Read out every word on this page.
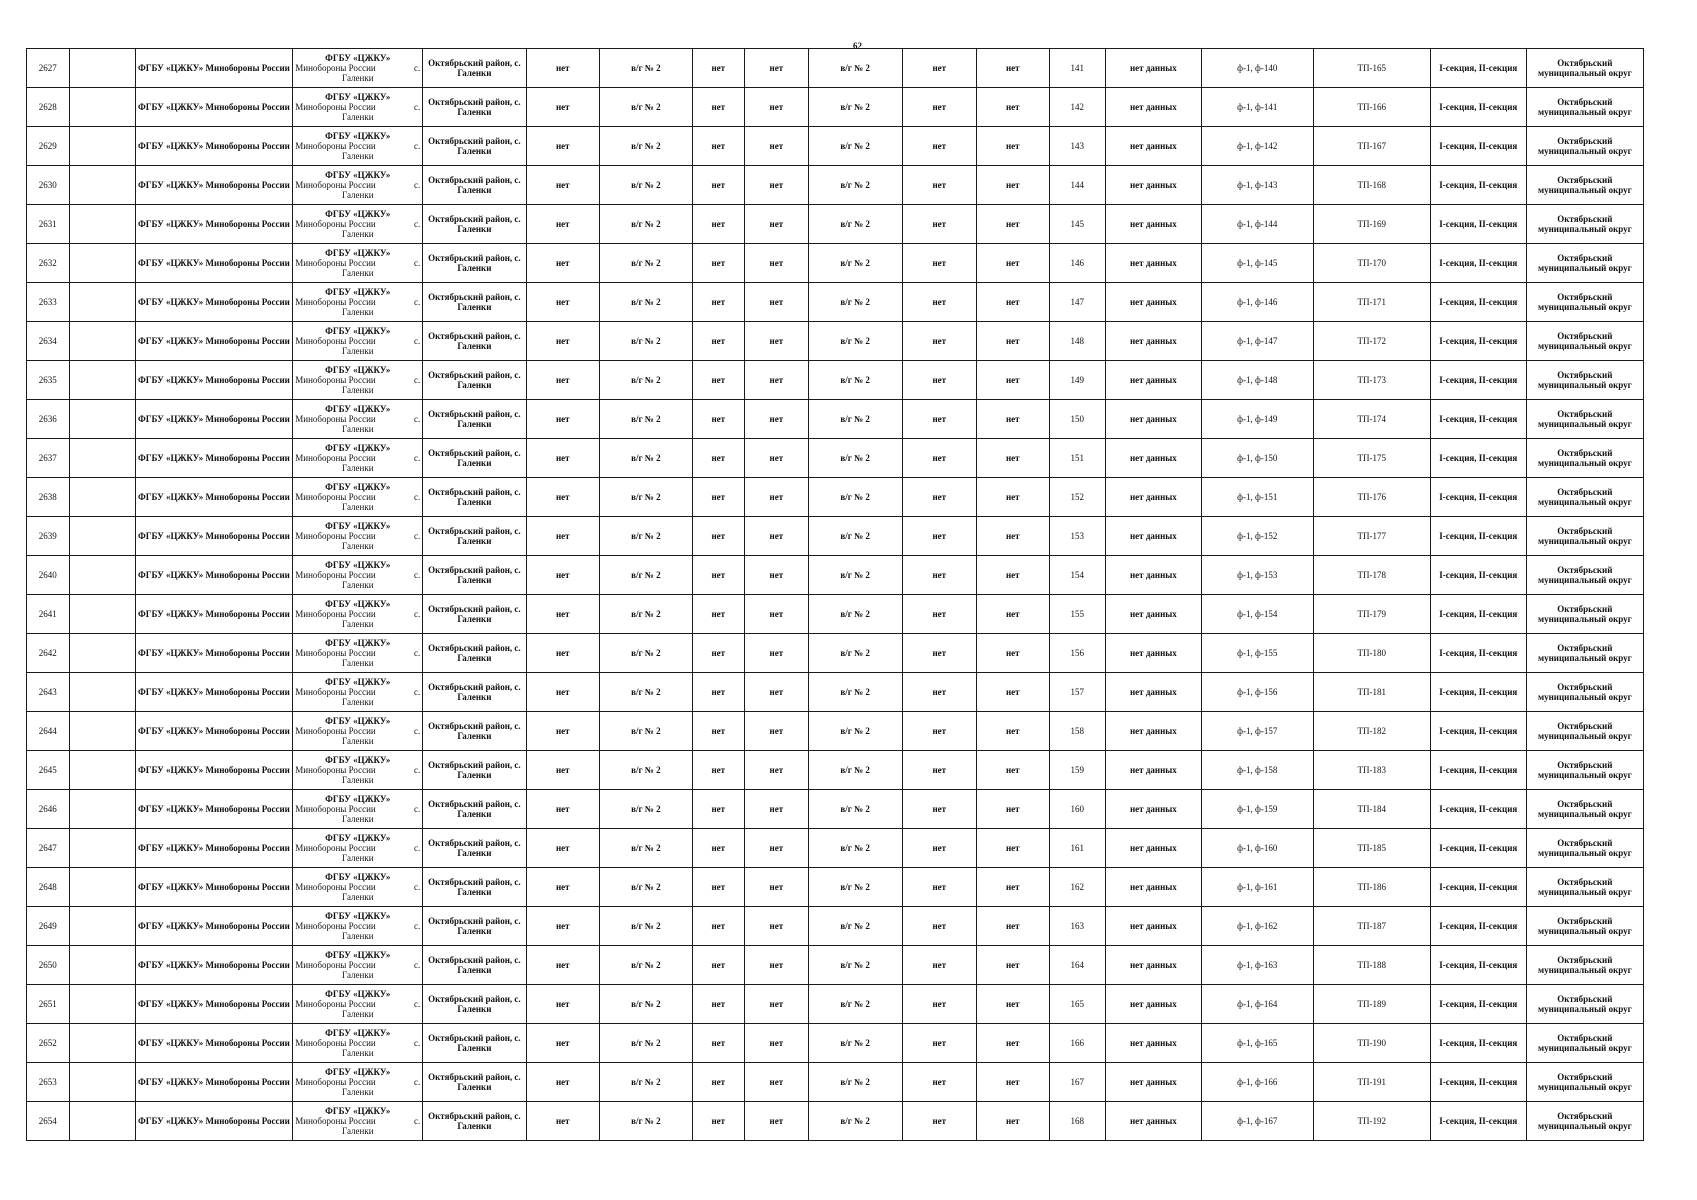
62
2627		ФГБУ «ЦЖКУ» Минобороны России	ФГБУ «ЦЖКУ»
Минобороны России с.
Галенки	Октябрьский район, с. Галенки	нет	в/г № 2	нет	нет	в/г № 2	нет	нет	141	нет данных	ф-1, ф-140	ТП-165	I-секция, II-секция	Октябрьский муниципальный округ
2628		ФГБУ «ЦЖКУ» Минобороны России	ФГБУ «ЦЖКУ»
Минобороны России с.
Галенки	Октябрьский район, с. Галенки	нет	в/г № 2	нет	нет	в/г № 2	нет	нет	142	нет данных	ф-1, ф-141	ТП-166	I-секция, II-секция	Октябрьский муниципальный округ
2629		ФГБУ «ЦЖКУ» Минобороны России	ФГБУ «ЦЖКУ»
Минобороны России с.
Галенки	Октябрьский район, с. Галенки	нет	в/г № 2	нет	нет	в/г № 2	нет	нет	143	нет данных	ф-1, ф-142	ТП-167	I-секция, II-секция	Октябрьский муниципальный округ
2630		ФГБУ «ЦЖКУ» Минобороны России	ФГБУ «ЦЖКУ»
Минобороны России с.
Галенки	Октябрьский район, с. Галенки	нет	в/г № 2	нет	нет	в/г № 2	нет	нет	144	нет данных	ф-1, ф-143	ТП-168	I-секция, II-секция	Октябрьский муниципальный округ
2631		ФГБУ «ЦЖКУ» Минобороны России	ФГБУ «ЦЖКУ»
Минобороны России с.
Галенки	Октябрьский район, с. Галенки	нет	в/г № 2	нет	нет	в/г № 2	нет	нет	145	нет данных	ф-1, ф-144	ТП-169	I-секция, II-секция	Октябрьский муниципальный округ
2632		ФГБУ «ЦЖКУ» Минобороны России	ФГБУ «ЦЖКУ»
Минобороны России с.
Галенки	Октябрьский район, с. Галенки	нет	в/г № 2	нет	нет	в/г № 2	нет	нет	146	нет данных	ф-1, ф-145	ТП-170	I-секция, II-секция	Октябрьский муниципальный округ
2633		ФГБУ «ЦЖКУ» Минобороны России	ФГБУ «ЦЖКУ»
Минобороны России с.
Галенки	Октябрьский район, с. Галенки	нет	в/г № 2	нет	нет	в/г № 2	нет	нет	147	нет данных	ф-1, ф-146	ТП-171	I-секция, II-секция	Октябрьский муниципальный округ
2634		ФГБУ «ЦЖКУ» Минобороны России	ФГБУ «ЦЖКУ»
Минобороны России с.
Галенки	Октябрьский район, с. Галенки	нет	в/г № 2	нет	нет	в/г № 2	нет	нет	148	нет данных	ф-1, ф-147	ТП-172	I-секция, II-секция	Октябрьский муниципальный округ
2635		ФГБУ «ЦЖКУ» Минобороны России	ФГБУ «ЦЖКУ»
Минобороны России с.
Галенки	Октябрьский район, с. Галенки	нет	в/г № 2	нет	нет	в/г № 2	нет	нет	149	нет данных	ф-1, ф-148	ТП-173	I-секция, II-секция	Октябрьский муниципальный округ
2636		ФГБУ «ЦЖКУ» Минобороны России	ФГБУ «ЦЖКУ»
Минобороны России с.
Галенки	Октябрьский район, с. Галенки	нет	в/г № 2	нет	нет	в/г № 2	нет	нет	150	нет данных	ф-1, ф-149	ТП-174	I-секция, II-секция	Октябрьский муниципальный округ
2637		ФГБУ «ЦЖКУ» Минобороны России	ФГБУ «ЦЖКУ»
Минобороны России с.
Галенки	Октябрьский район, с. Галенки	нет	в/г № 2	нет	нет	в/г № 2	нет	нет	151	нет данных	ф-1, ф-150	ТП-175	I-секция, II-секция	Октябрьский муниципальный округ
2638		ФГБУ «ЦЖКУ» Минобороны России	ФГБУ «ЦЖКУ»
Минобороны России с.
Галенки	Октябрьский район, с. Галенки	нет	в/г № 2	нет	нет	в/г № 2	нет	нет	152	нет данных	ф-1, ф-151	ТП-176	I-секция, II-секция	Октябрьский муниципальный округ
2639		ФГБУ «ЦЖКУ» Минобороны России	ФГБУ «ЦЖКУ»
Минобороны России с.
Галенки	Октябрьский район, с. Галенки	нет	в/г № 2	нет	нет	в/г № 2	нет	нет	153	нет данных	ф-1, ф-152	ТП-177	I-секция, II-секция	Октябрьский муниципальный округ
2640		ФГБУ «ЦЖКУ» Минобороны России	ФГБУ «ЦЖКУ»
Минобороны России с.
Галенки	Октябрьский район, с. Галенки	нет	в/г № 2	нет	нет	в/г № 2	нет	нет	154	нет данных	ф-1, ф-153	ТП-178	I-секция, II-секция	Октябрьский муниципальный округ
2641		ФГБУ «ЦЖКУ» Минобороны России	ФГБУ «ЦЖКУ»
Минобороны России с.
Галенки	Октябрьский район, с. Галенки	нет	в/г № 2	нет	нет	в/г № 2	нет	нет	155	нет данных	ф-1, ф-154	ТП-179	I-секция, II-секция	Октябрьский муниципальный округ
2642		ФГБУ «ЦЖКУ» Минобороны России	ФГБУ «ЦЖКУ»
Минобороны России с.
Галенки	Октябрьский район, с. Галенки	нет	в/г № 2	нет	нет	в/г № 2	нет	нет	156	нет данных	ф-1, ф-155	ТП-180	I-секция, II-секция	Октябрьский муниципальный округ
2643		ФГБУ «ЦЖКУ» Минобороны России	ФГБУ «ЦЖКУ»
Минобороны России с.
Галенки	Октябрьский район, с. Галенки	нет	в/г № 2	нет	нет	в/г № 2	нет	нет	157	нет данных	ф-1, ф-156	ТП-181	I-секция, II-секция	Октябрьский муниципальный округ
2644		ФГБУ «ЦЖКУ» Минобороны России	ФГБУ «ЦЖКУ»
Минобороны России с.
Галенки	Октябрьский район, с. Галенки	нет	в/г № 2	нет	нет	в/г № 2	нет	нет	158	нет данных	ф-1, ф-157	ТП-182	I-секция, II-секция	Октябрьский муниципальный округ
2645		ФГБУ «ЦЖКУ» Минобороны России	ФГБУ «ЦЖКУ»
Минобороны России с.
Галенки	Октябрьский район, с. Галенки	нет	в/г № 2	нет	нет	в/г № 2	нет	нет	159	нет данных	ф-1, ф-158	ТП-183	I-секция, II-секция	Октябрьский муниципальный округ
2646		ФГБУ «ЦЖКУ» Минобороны России	ФГБУ «ЦЖКУ»
Минобороны России с.
Галенки	Октябрьский район, с. Галенки	нет	в/г № 2	нет	нет	в/г № 2	нет	нет	160	нет данных	ф-1, ф-159	ТП-184	I-секция, II-секция	Октябрьский муниципальный округ
2647		ФГБУ «ЦЖКУ» Минобороны России	ФГБУ «ЦЖКУ»
Минобороны России с.
Галенки	Октябрьский район, с. Галенки	нет	в/г № 2	нет	нет	в/г № 2	нет	нет	161	нет данных	ф-1, ф-160	ТП-185	I-секция, II-секция	Октябрьский муниципальный округ
2648		ФГБУ «ЦЖКУ» Минобороны России	ФГБУ «ЦЖКУ»
Минобороны России с.
Галенки	Октябрьский район, с. Галенки	нет	в/г № 2	нет	нет	в/г № 2	нет	нет	162	нет данных	ф-1, ф-161	ТП-186	I-секция, II-секция	Октябрьский муниципальный округ
2649		ФГБУ «ЦЖКУ» Минобороны России	ФГБУ «ЦЖКУ»
Минобороны России с.
Галенки	Октябрьский район, с. Галенки	нет	в/г № 2	нет	нет	в/г № 2	нет	нет	163	нет данных	ф-1, ф-162	ТП-187	I-секция, II-секция	Октябрьский муниципальный округ
2650		ФГБУ «ЦЖКУ» Минобороны России	ФГБУ «ЦЖКУ»
Минобороны России с.
Галенки	Октябрьский район, с. Галенки	нет	в/г № 2	нет	нет	в/г № 2	нет	нет	164	нет данных	ф-1, ф-163	ТП-188	I-секция, II-секция	Октябрьский муниципальный округ
2651		ФГБУ «ЦЖКУ» Минобороны России	ФГБУ «ЦЖКУ»
Минобороны России с.
Галенки	Октябрьский район, с. Галенки	нет	в/г № 2	нет	нет	в/г № 2	нет	нет	165	нет данных	ф-1, ф-164	ТП-189	I-секция, II-секция	Октябрьский муниципальный округ
2652		ФГБУ «ЦЖКУ» Минобороны России	ФГБУ «ЦЖКУ»
Минобороны России с.
Галенки	Октябрьский район, с. Галенки	нет	в/г № 2	нет	нет	в/г № 2	нет	нет	166	нет данных	ф-1, ф-165	ТП-190	I-секция, II-секция	Октябрьский муниципальный округ
2653		ФГБУ «ЦЖКУ» Минобороны России	ФГБУ «ЦЖКУ»
Минобороны России с.
Галенки	Октябрьский район, с. Галенки	нет	в/г № 2	нет	нет	в/г № 2	нет	нет	167	нет данных	ф-1, ф-166	ТП-191	I-секция, II-секция	Октябрьский муниципальный округ
2654		ФГБУ «ЦЖКУ» Минобороны России	ФГБУ «ЦЖКУ»
Минобороны России с.
Галенки	Октябрьский район, с. Галенки	нет	в/г № 2	нет	нет	в/г № 2	нет	нет	168	нет данных	ф-1, ф-167	ТП-192	I-секция, II-секция	Октябрьский муниципальный округ
